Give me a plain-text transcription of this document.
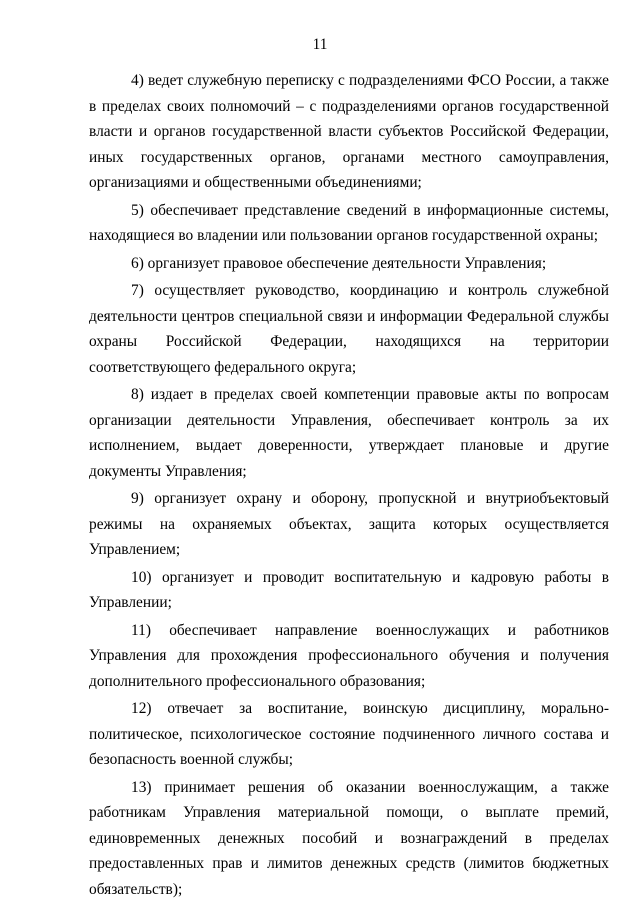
11

4) ведет служебную переписку с подразделениями ФСО России, а также в пределах своих полномочий – с подразделениями органов государственной власти и органов государственной власти субъектов Российской Федерации, иных государственных органов, органами местного самоуправления, организациями и общественными объединениями;

5) обеспечивает представление сведений в информационные системы, находящиеся во владении или пользовании органов государственной охраны;

6) организует правовое обеспечение деятельности Управления;

7) осуществляет руководство, координацию и контроль служебной деятельности центров специальной связи и информации Федеральной службы охраны Российской Федерации, находящихся на территории соответствующего федерального округа;

8) издает в пределах своей компетенции правовые акты по вопросам организации деятельности Управления, обеспечивает контроль за их исполнением, выдает доверенности, утверждает плановые и другие документы Управления;

9) организует охрану и оборону, пропускной и внутриобъектовый режимы на охраняемых объектах, защита которых осуществляется Управлением;

10) организует и проводит воспитательную и кадровую работы в Управлении;

11) обеспечивает направление военнослужащих и работников Управления для прохождения профессионального обучения и получения дополнительного профессионального образования;

12) отвечает за воспитание, воинскую дисциплину, морально-политическое, психологическое состояние подчиненного личного состава и безопасность военной службы;

13) принимает решения об оказании военнослужащим, а также работникам Управления материальной помощи, о выплате премий, единовременных денежных пособий и вознаграждений в пределах предоставленных прав и лимитов денежных средств (лимитов бюджетных обязательств);
